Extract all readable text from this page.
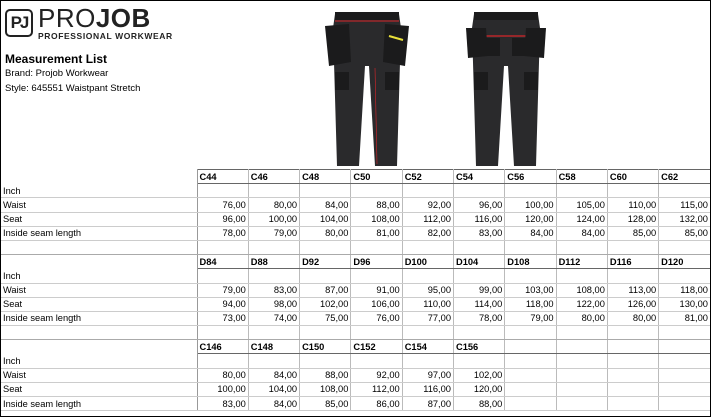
PJ PROJOB
PROFESSIONAL WORKWEAR
Measurement List
Brand: Projob Workwear
Style: 645551 Waistpant Stretch
	C44	C46	C48	C50	C52	C54	C56	C58	C60	C62
Inch										
Waist	76,00	80,00	84,00	88,00	92,00	96,00	100,00	105,00	110,00	115,00
Seat	96,00	100,00	104,00	108,00	112,00	116,00	120,00	124,00	128,00	132,00
Inside seam length	78,00	79,00	80,00	81,00	82,00	83,00	84,00	84,00	85,00	85,00

	D84	D88	D92	D96	D100	D104	D108	D112	D116	D120
Inch										
Waist	79,00	83,00	87,00	91,00	95,00	99,00	103,00	108,00	113,00	118,00
Seat	94,00	98,00	102,00	106,00	110,00	114,00	118,00	122,00	126,00	130,00
Inside seam length	73,00	74,00	75,00	76,00	77,00	78,00	79,00	80,00	80,00	81,00

	C146	C148	C150	C152	C154	C156				
Inch										
Waist	80,00	84,00	88,00	92,00	97,00	102,00				
Seat	100,00	104,00	108,00	112,00	116,00	120,00				
Inside seam length	83,00	84,00	85,00	86,00	87,00	88,00				
